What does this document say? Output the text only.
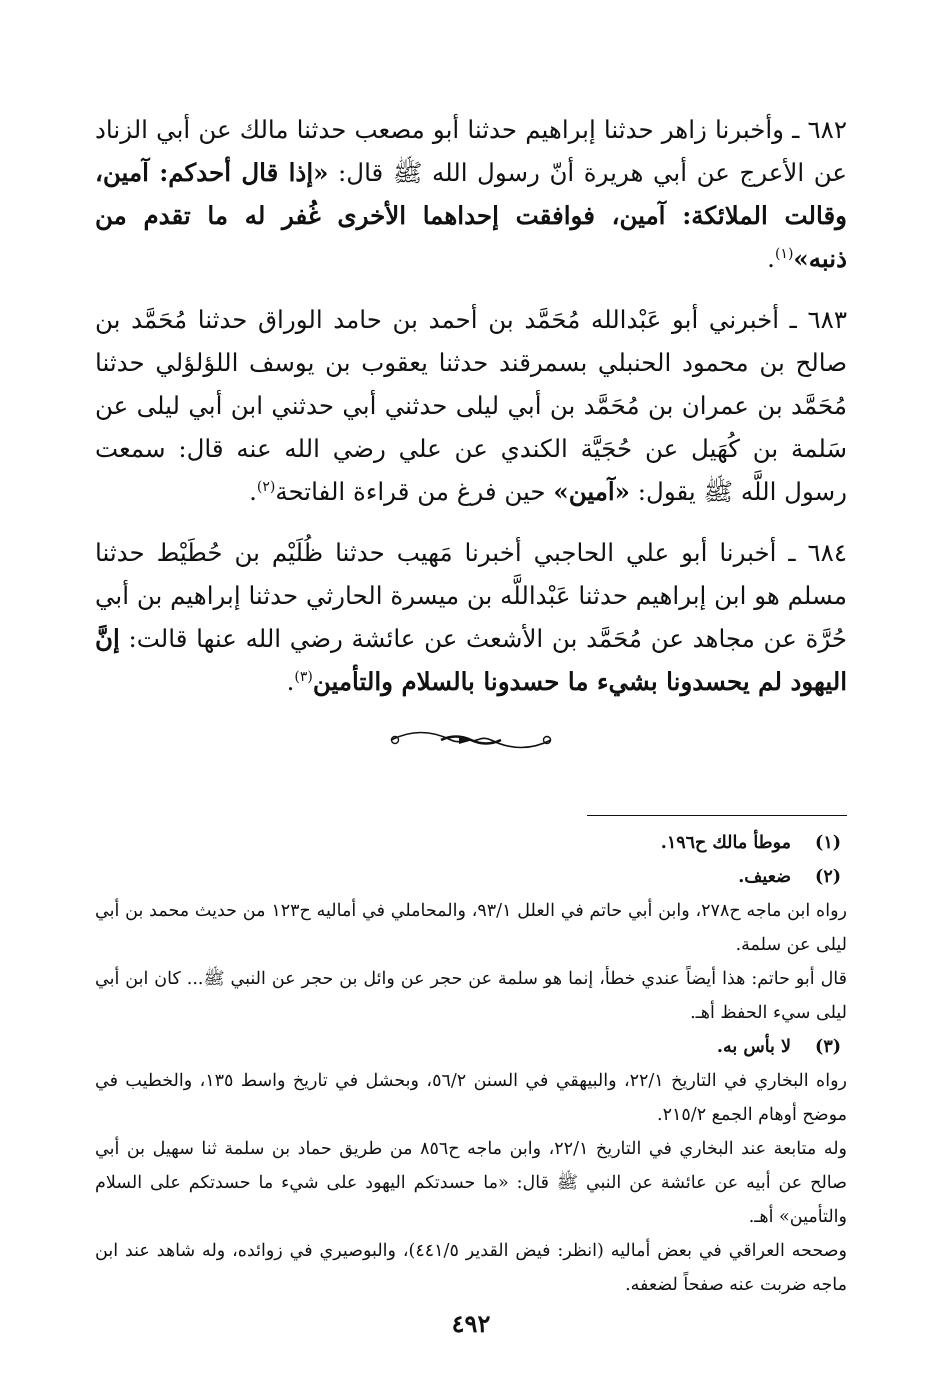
٦٨٢ ـ وأخبرنا زاهر حدثنا إبراهيم حدثنا أبو مصعب حدثنا مالك عن أبي الزناد عن الأعرج عن أبي هريرة أنّ رسول الله ﷺ قال: «إذا قال أحدكم: آمين، وقالت الملائكة: آمين، فوافقت إحداهما الأخرى غُفر له ما تقدم من ذنبه»$^{(١)}$.

٦٨٣ ـ أخبرني أبو عَبْدالله مُحَمَّد بن أحمد بن حامد الوراق حدثنا مُحَمَّد بن صالح بن محمود الحنبلي بسمرقند حدثنا يعقوب بن يوسف اللؤلؤلي حدثنا مُحَمَّد بن عمران بن مُحَمَّد بن أبي ليلى حدثني أبي حدثني ابن أبي ليلى عن سَلمة بن كُهَيل عن حُجَيَّة الكندي عن علي رضي الله عنه قال: سمعت رسول اللَّه ﷺ يقول: «آمين» حين فرغ من قراءة الفاتحة$^{(٢)}$.

٦٨٤ ـ أخبرنا أبو علي الحاجبي أخبرنا مَهيب حدثنا ظُلَيْم بن حُطَيْط حدثنا مسلم هو ابن إبراهيم حدثنا عَبْداللَّه بن ميسرة الحارثي حدثنا إبراهيم بن أبي حُرَّة عن مجاهد عن مُحَمَّد بن الأشعث عن عائشة رضي الله عنها قالت: إنَّ اليهود لم يحسدونا بشيء ما حسدونا بالسلام والتأمين$^{(٣)}$.

(١)
موطأ مالك ح١٩٦.
(٢)
ضعيف.

رواه ابن ماجه ح٢٧٨، وابن أبي حاتم في العلل ٩٣/١، والمحاملي في أماليه ح١٢٣ من حديث محمد بن أبي ليلى عن سلمة.

قال أبو حاتم: هذا أيضاً عندي خطأ، إنما هو سلمة عن حجر عن وائل بن حجر عن النبي ﷺ... كان ابن أبي ليلى سيء الحفظ أهـ.

(٣)
لا بأس به.

رواه البخاري في التاريخ ٢٢/١، والبيهقي في السنن ٥٦/٢، وبحشل في تاريخ واسط ١٣٥، والخطيب في موضح أوهام الجمع ٢١٥/٢.

وله متابعة عند البخاري في التاريخ ٢٢/١، وابن ماجه ح٨٥٦ من طريق حماد بن سلمة ثنا سهيل بن أبي صالح عن أبيه عن عائشة عن النبي ﷺ قال: «ما حسدتكم اليهود على شيء ما حسدتكم على السلام والتأمين» أهـ.

وصححه العراقي في بعض أماليه (انظر: فيض القدير ٤٤١/٥)، والبوصيري في زوائده، وله شاهد عند ابن ماجه ضربت عنه صفحاً لضعفه.

٤٩٢
